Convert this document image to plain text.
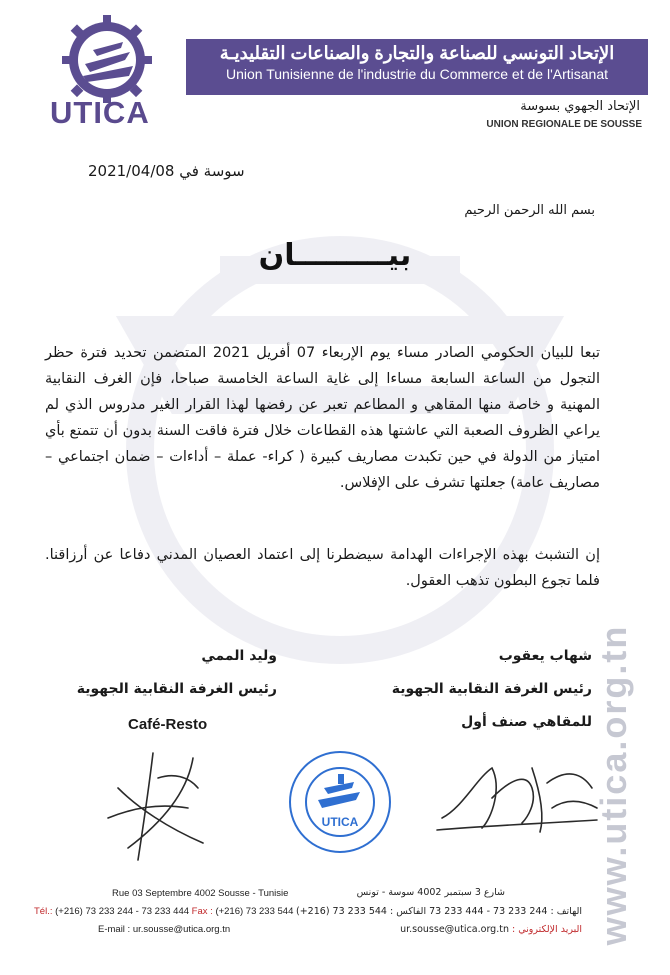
UTICA
الإتحاد التونسي للصناعة والتجارة والصناعات التقليديـة
Union Tunisienne de l'industrie du Commerce et de l'Artisanat
الإتحاد الجهوي بسوسة
UNION REGIONALE DE SOUSSE
سوسة في 2021/04/08
بسم الله الرحمن الرحيم
بيـــــــــان
تبعا للبيان الحكومي الصادر مساء يوم الإربعاء 07 أفريل 2021 المتضمن تحديد فترة حظر التجول من الساعة السابعة مساءا إلى غاية الساعة الخامسة صباحا، فإن الغرف النقابية المهنية و خاصة منها المقاهي و المطاعم تعبر عن رفضها لهذا القرار الغير مدروس الذي لم يراعي الظروف الصعبة التي عاشتها هذه القطاعات خلال فترة فاقت السنة بدون أن تتمتع بأي امتياز من الدولة في حين تكبدت مصاريف كبيرة ( كراء- عملة – أداءات – ضمان اجتماعي – مصاريف عامة) جعلتها تشرف على الإفلاس.
إن التشبث بهذه الإجراءات الهدامة سيضطرنا إلى اعتماد العصيان المدني دفاعا عن أرزاقنا. فلما تجوع البطون تذهب العقول.
شهاب يعقوب
رئيس الغرفة النقابية الجهوية
للمقاهي صنف أول
وليد الممي
رئيس الغرفة النقابية الجهوية
Café-Resto
UTICA	www.utica.org.tn
Rue 03 Septembre 4002 Sousse - Tunisie
Tél.: (+216) 73 233 244 - 73 233 444 Fax : (+216) 73 233 544
E-mail : ur.sousse@utica.org.tn
شارع 3 سبتمبر 4002 سوسة - تونس
الهاتف : 244 233 73 - 444 233 73 الفاكس : 544 233 73 (216+)
البريد الإلكتروني : ur.sousse@utica.org.tn
